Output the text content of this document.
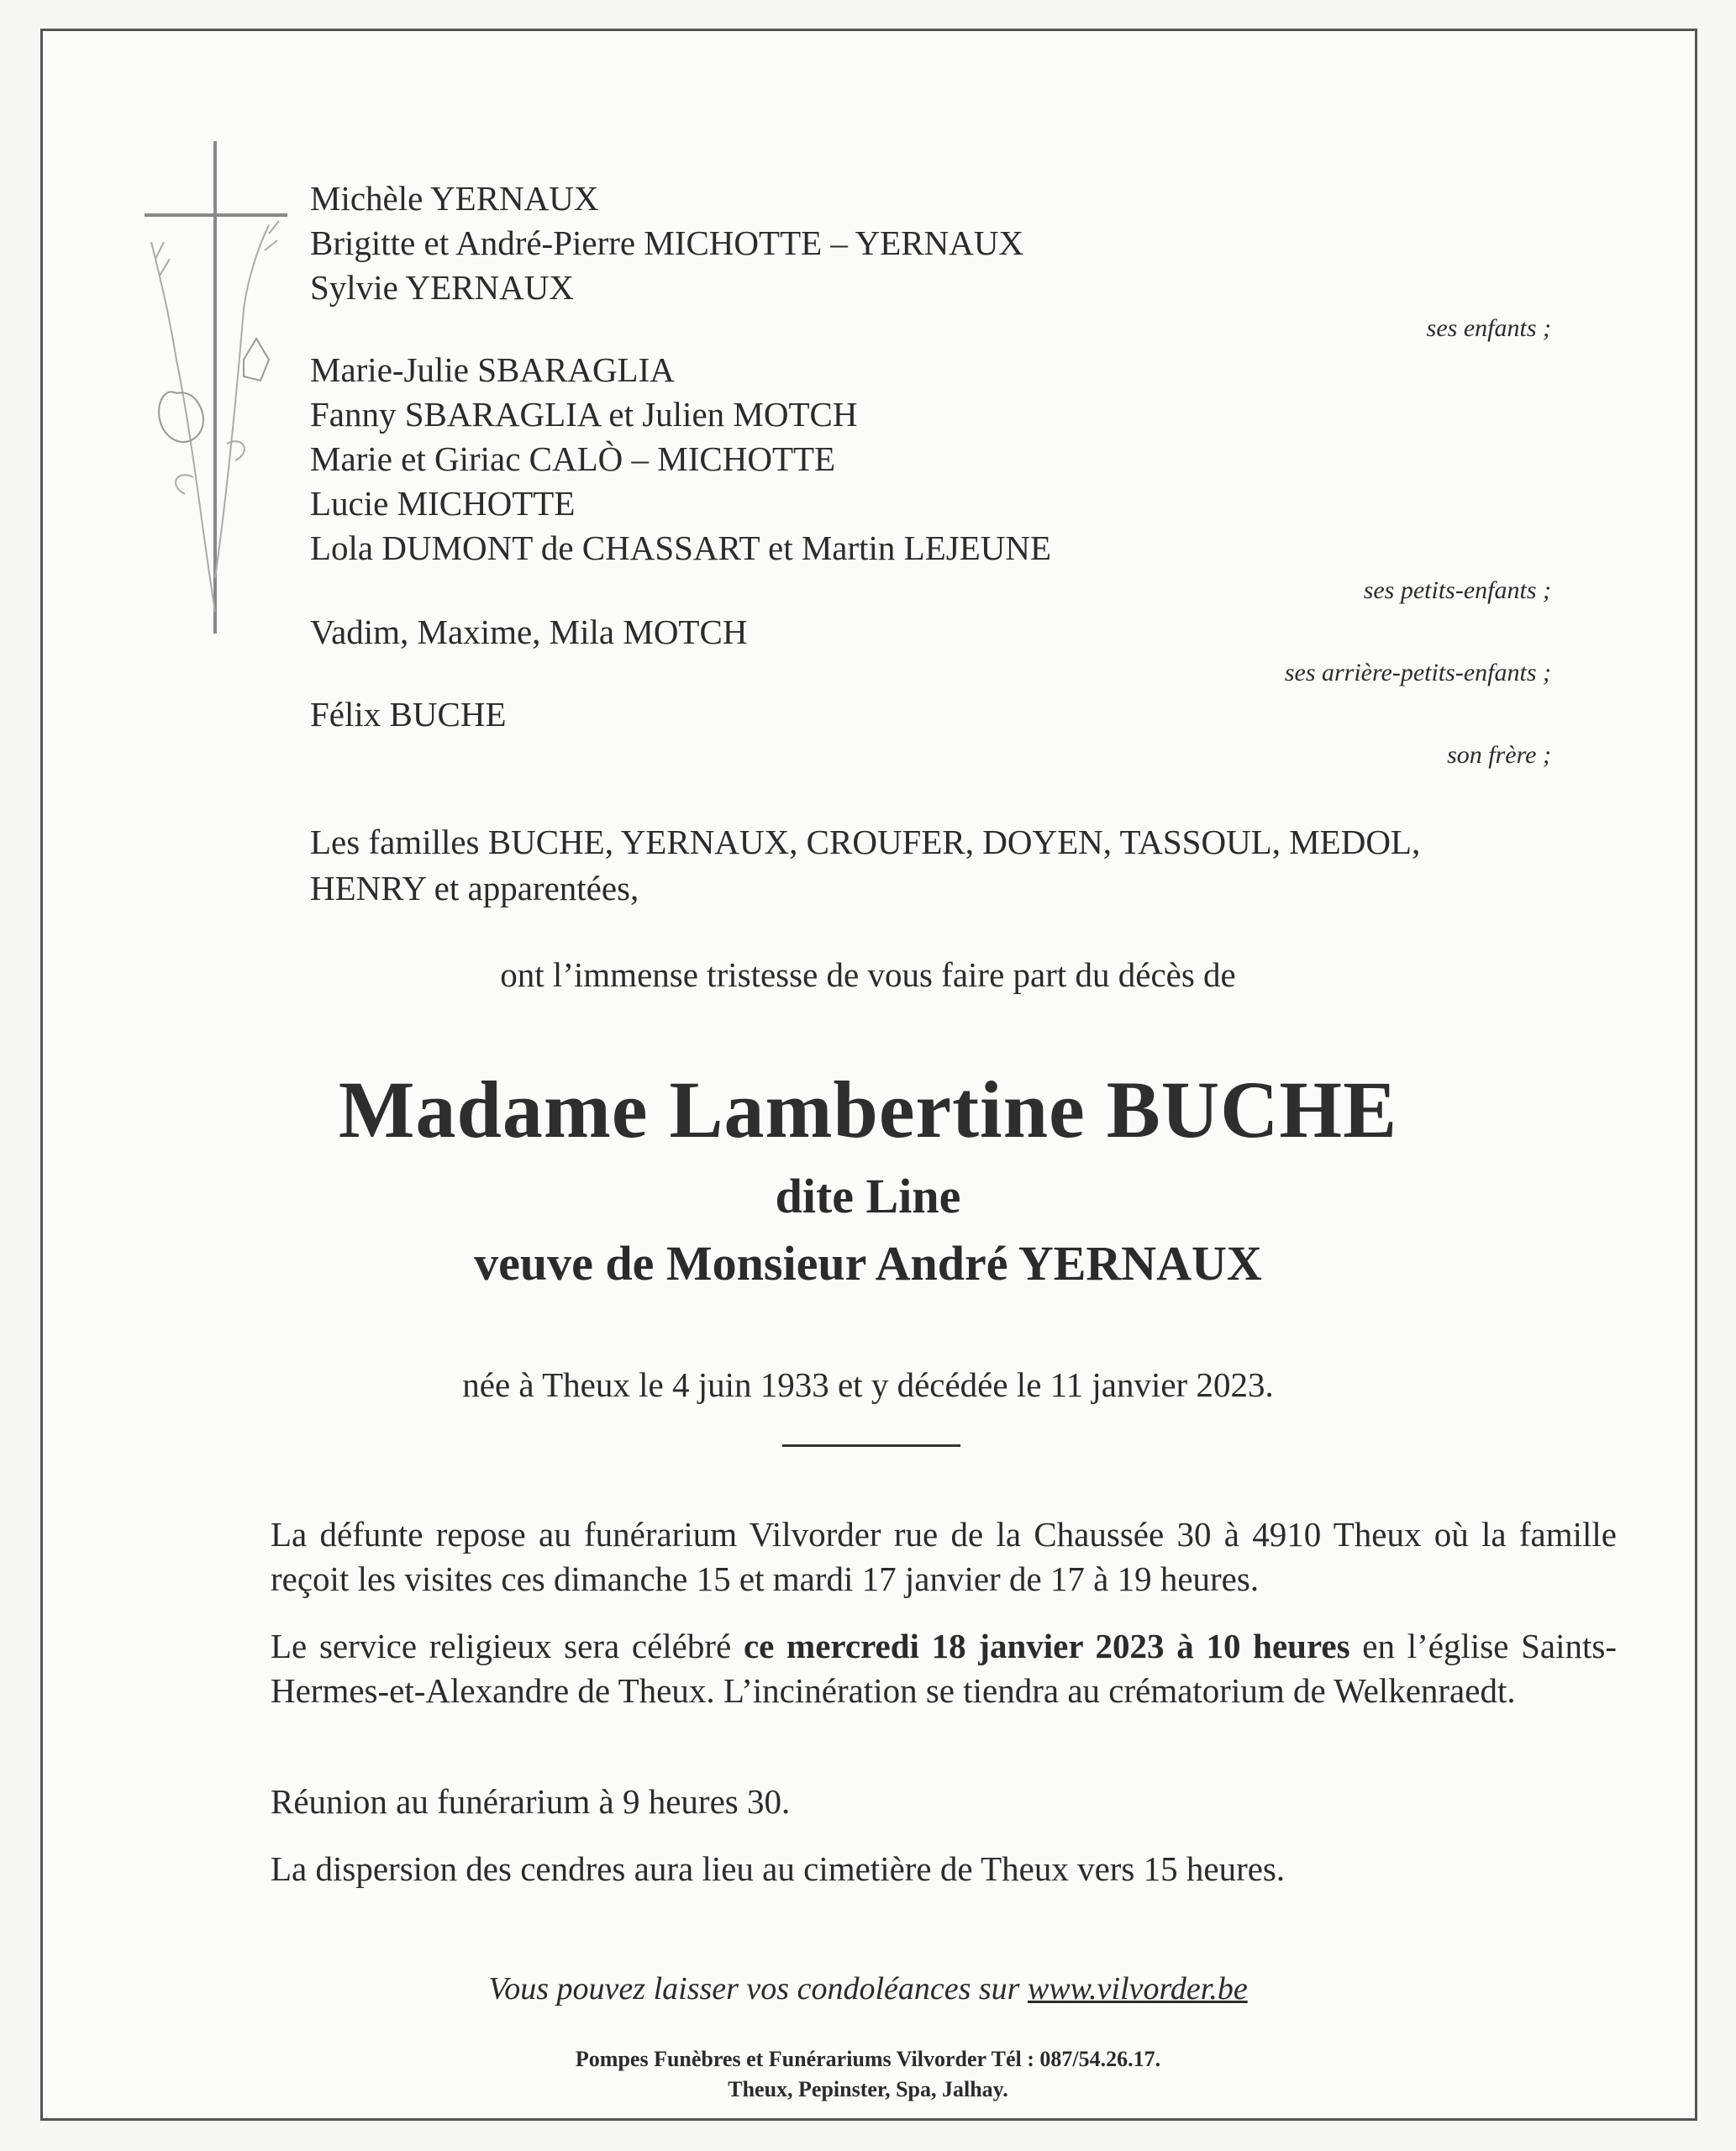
Michèle YERNAUX
Brigitte et André-Pierre MICHOTTE – YERNAUX
Sylvie YERNAUX
ses enfants ;
Marie-Julie SBARAGLIA
Fanny SBARAGLIA et Julien MOTCH
Marie et Giriac CALÒ – MICHOTTE
Lucie MICHOTTE
Lola DUMONT de CHASSART et Martin LEJEUNE
ses petits-enfants ;
Vadim, Maxime, Mila MOTCH
ses arrière-petits-enfants ;
Félix BUCHE
son frère ;
Les familles BUCHE, YERNAUX, CROUFER, DOYEN, TASSOUL, MEDOL,
HENRY et apparentées,
ont l’immense tristesse de vous faire part du décès de
Madame Lambertine BUCHE
dite Line
veuve de Monsieur André YERNAUX
née à Theux le 4 juin 1933 et y décédée le 11 janvier 2023.
La défunte repose au funérarium Vilvorder rue de la Chaussée 30 à 4910 Theux où la famille reçoit les visites ces dimanche 15 et mardi 17 janvier de 17 à 19 heures.
Le service religieux sera célébré ce mercredi 18 janvier 2023 à 10 heures en l’église Saints-Hermes-et-Alexandre de Theux. L’incinération se tiendra au crématorium de Welkenraedt.
Réunion au funérarium à 9 heures 30.
La dispersion des cendres aura lieu au cimetière de Theux vers 15 heures.
Vous pouvez laisser vos condoléances sur www.vilvorder.be
Pompes Funèbres et Funérariums Vilvorder Tél : 087/54.26.17.
Theux, Pepinster, Spa, Jalhay.
